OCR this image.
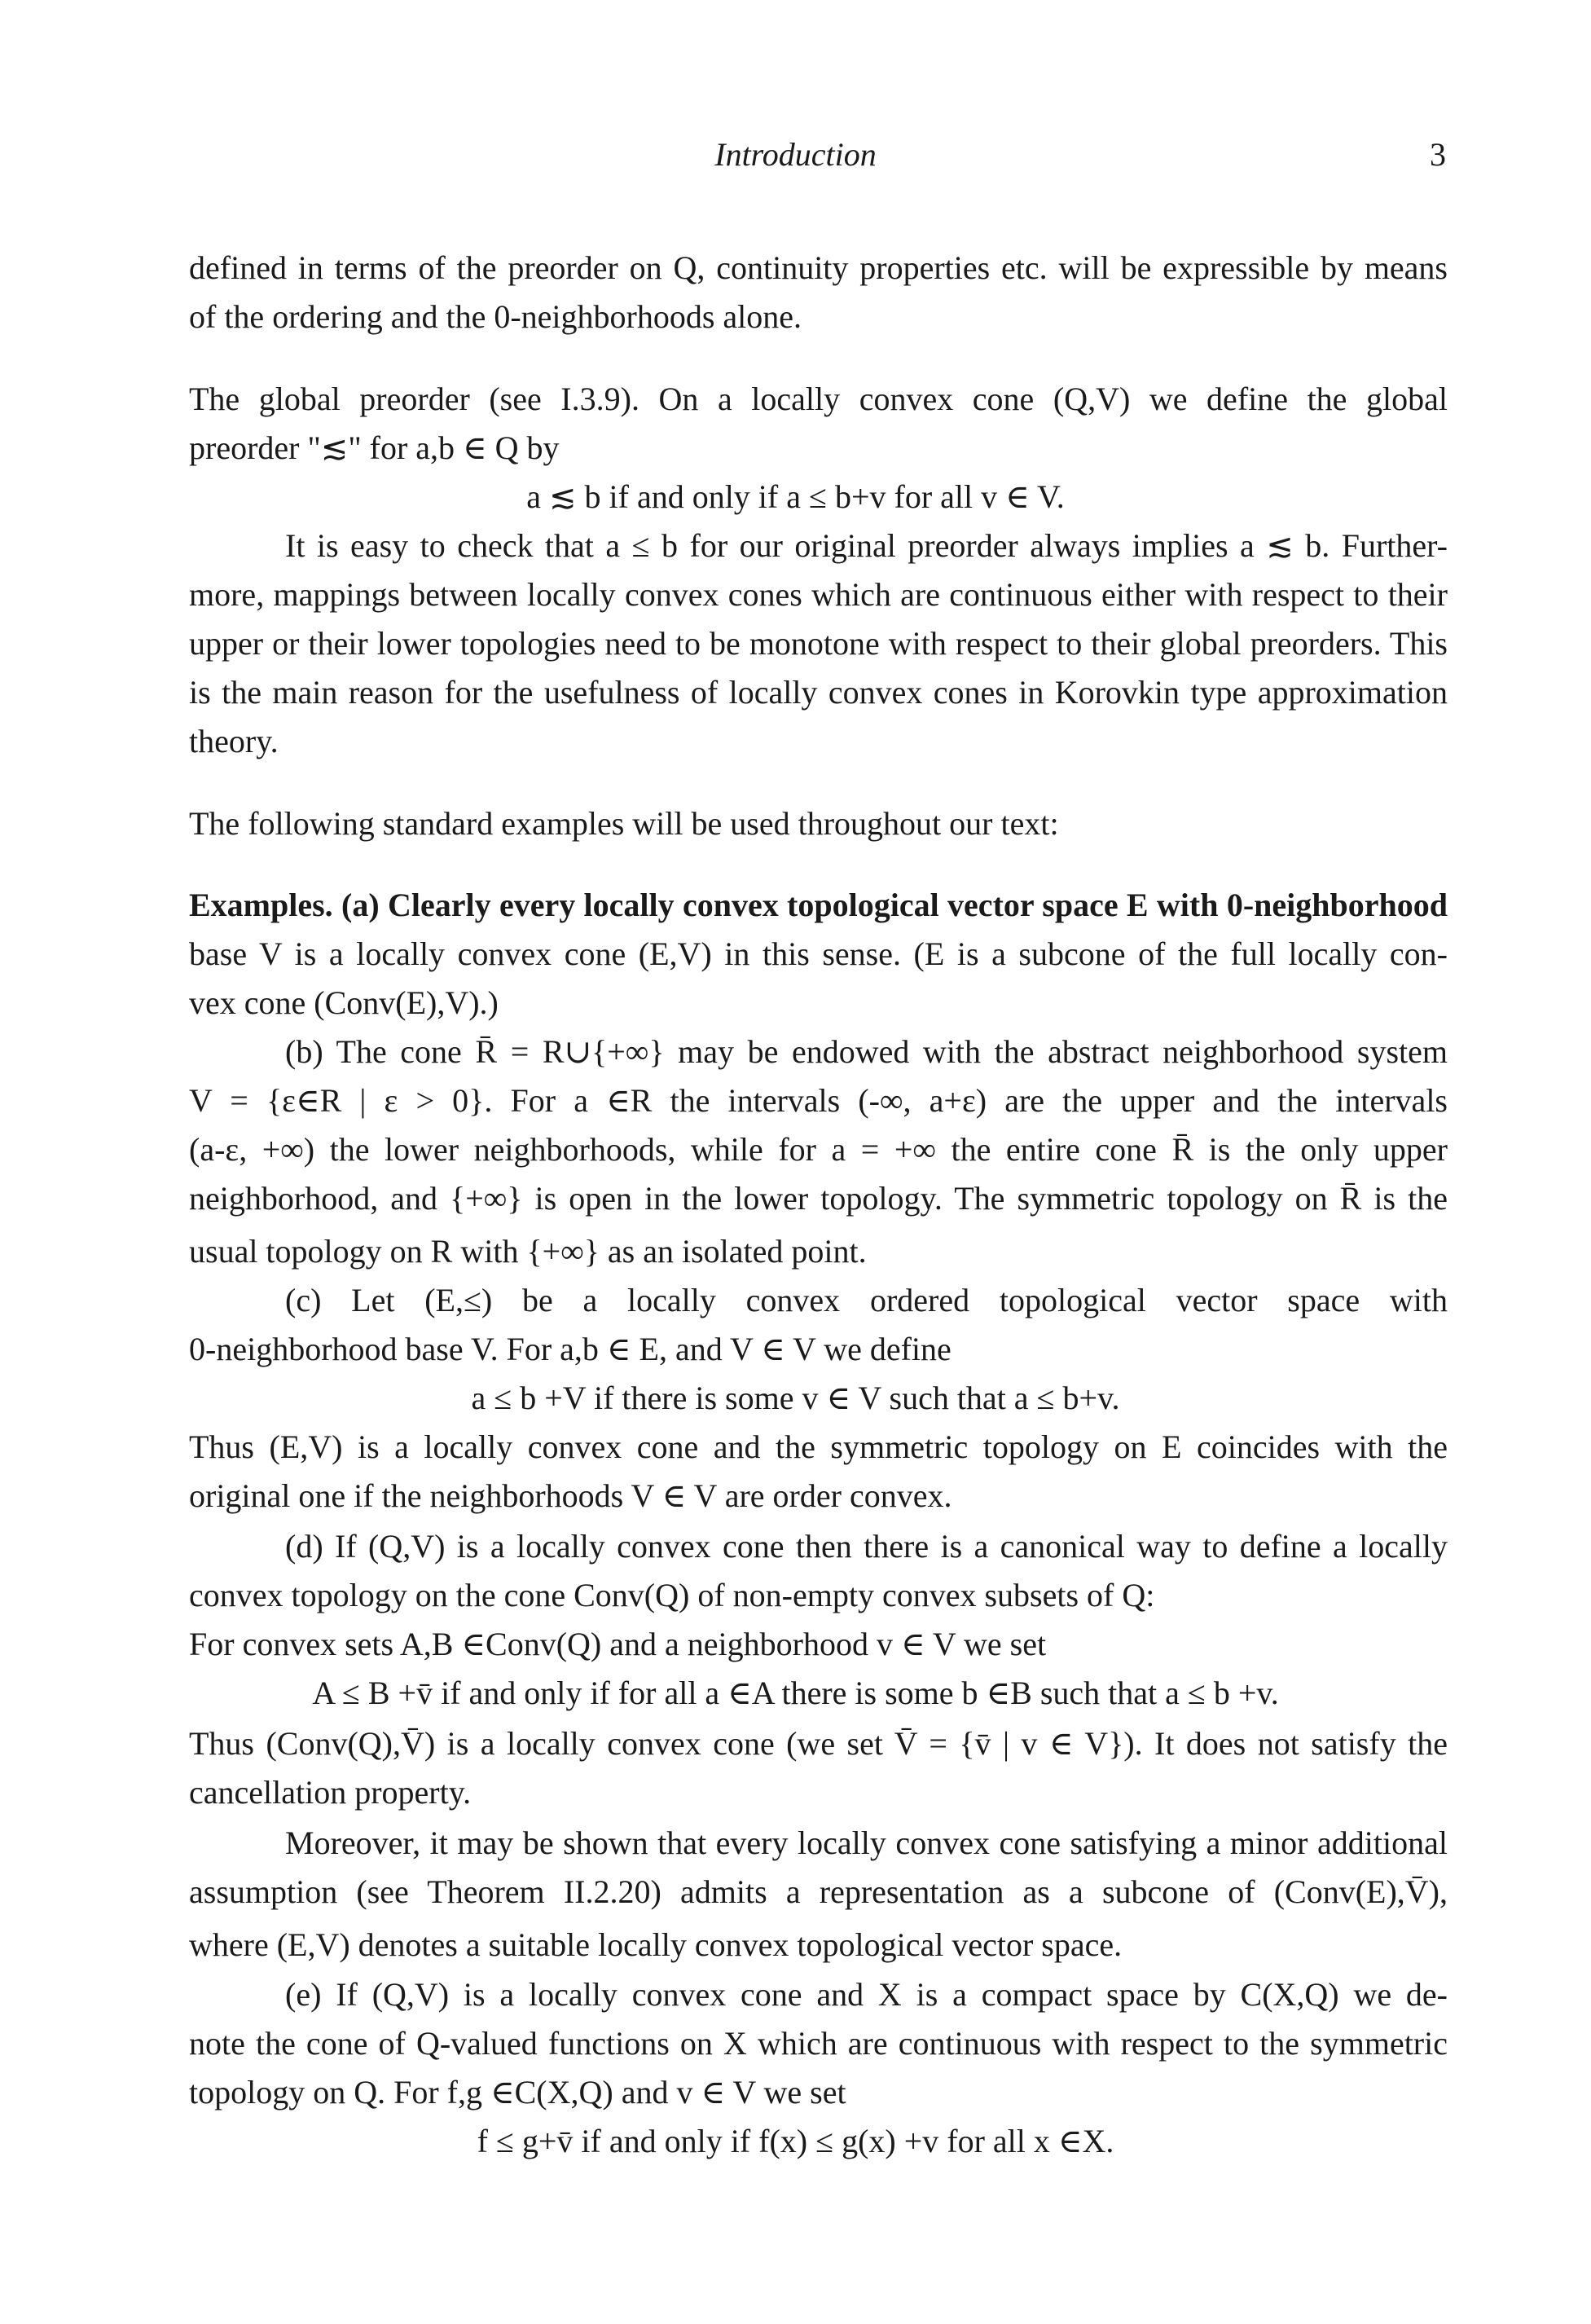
Introduction	3
defined in terms of the preorder on Q, continuity properties etc. will be expressible by means
of the ordering and the 0-neighborhoods alone.
The global preorder (see I.3.9). On a locally convex cone (Q,V) we define the global
preorder "≲" for a,b ∈ Q by
a ≲ b if and only if a ≤ b+v for all v ∈ V.
It is easy to check that a ≤ b for our original preorder always implies a ≲ b. Further-
more, mappings between locally convex cones which are continuous either with respect to their
upper or their lower topologies need to be monotone with respect to their global preorders. This
is the main reason for the usefulness of locally convex cones in Korovkin type approximation
theory.
The following standard examples will be used throughout our text:
Examples. (a) Clearly every locally convex topological vector space E with 0-neighborhood
base V is a locally convex cone (E,V) in this sense. (E is a subcone of the full locally con-
vex cone (Conv(E),V).)
(b) The cone R̄ = R∪{+∞} may be endowed with the abstract neighborhood system
V = {ε∈R | ε > 0}. For a ∈R the intervals (-∞, a+ε) are the upper and the intervals
(a-ε, +∞) the lower neighborhoods, while for a = +∞ the entire cone R̄ is the only upper
neighborhood, and {+∞} is open in the lower topology. The symmetric topology on R̄ is the
usual topology on R with {+∞} as an isolated point.
(c) Let (E,≤) be a locally convex ordered topological vector space with
0-neighborhood base V. For a,b ∈ E, and V ∈ V we define
a ≤ b +V if there is some v ∈ V such that a ≤ b+v.
Thus (E,V) is a locally convex cone and the symmetric topology on E coincides with the
original one if the neighborhoods V ∈ V are order convex.
(d) If (Q,V) is a locally convex cone then there is a canonical way to define a locally
convex topology on the cone Conv(Q) of non-empty convex subsets of Q:
For convex sets A,B ∈Conv(Q) and a neighborhood v ∈ V we set
A ≤ B +v̄ if and only if for all a ∈A there is some b ∈B such that a ≤ b +v.
Thus (Conv(Q),V̄) is a locally convex cone (we set V̄ = {v̄ | v ∈ V}). It does not satisfy the
cancellation property.
Moreover, it may be shown that every locally convex cone satisfying a minor additional
assumption (see Theorem II.2.20) admits a representation as a subcone of (Conv(E),V̄),
where (E,V) denotes a suitable locally convex topological vector space.
(e) If (Q,V) is a locally convex cone and X is a compact space by C(X,Q) we de-
note the cone of Q-valued functions on X which are continuous with respect to the symmetric
topology on Q. For f,g ∈C(X,Q) and v ∈ V we set
f ≤ g+v̄ if and only if f(x) ≤ g(x) +v for all x ∈X.
